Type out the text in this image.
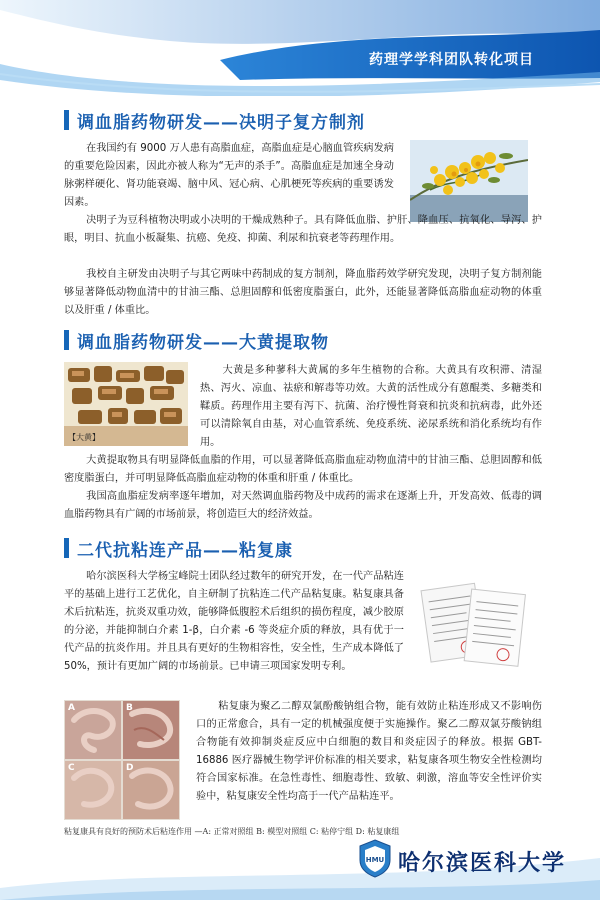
药理学学科团队转化项目
调血脂药物研发——决明子复方制剂

在我国约有 9000 万人患有高脂血症，高脂血症是心脑血管疾病发病的重要危险因素，因此亦被人称为“无声的杀手”。高脂血症是加速全身动脉粥样硬化、肾功能衰竭、脑中风、冠心病、心肌梗死等疾病的重要诱发因素。

决明子为豆科植物决明或小决明的干燥成熟种子。具有降低血脂、护肝、降血压、抗氧化、导泻、护眼，明目、抗血小板凝集、抗癌、免疫、抑菌、利尿和抗衰老等药理作用。

我校自主研发由决明子与其它两味中药制成的复方制剂，降血脂药效学研究发现，决明子复方制剂能够显著降低动物血清中的甘油三酯、总胆固醇和低密度脂蛋白，此外，还能显著降低高脂血症动物的体重以及肝重 / 体重比。

调血脂药物研发——大黄提取物
【大黄】

大黄是多种蓼科大黄属的多年生植物的合称。大黄具有攻积滞、清湿热、泻火、凉血、祛瘀和解毒等功效。大黄的活性成分有蒽醌类、多糖类和鞣质。药理作用主要有泻下、抗菌、治疗慢性肾衰和抗炎和抗病毒，此外还可以清除氧自由基，对心血管系统、免疫系统、泌尿系统和消化系统均有作用。

大黄提取物具有明显降低血脂的作用，可以显著降低高脂血症动物血清中的甘油三酯、总胆固醇和低密度脂蛋白，并可明显降低高脂血症动物的体重和肝重 / 体重比。

我国高血脂症发病率逐年增加，对天然调血脂药物及中成药的需求在逐渐上升，开发高效、低毒的调血脂药物具有广阔的市场前景，将创造巨大的经济效益。

二代抗粘连产品——粘复康

哈尔滨医科大学杨宝峰院士团队经过数年的研究开发，在一代产品粘连平的基础上进行工艺优化，自主研制了抗粘连二代产品粘复康。粘复康具备术后抗粘连，抗炎双重功效，能够降低腹腔术后组织的损伤程度，减少胶原的分泌，并能抑制白介素 1-β，白介素 -6 等炎症介质的释放，具有优于一代产品的抗炎作用。并且具有更好的生物相容性，安全性，生产成本降低了 50%，预计有更加广阔的市场前景。已申请三项国家发明专利。

A	B
C	D

粘复康为聚乙二醇双氯酚酸钠组合物，能有效防止粘连形成又不影响伤口的正常愈合，具有一定的机械强度便于实施操作。聚乙二醇双氯芬酸钠组合物能有效抑制炎症反应中白细胞的数目和炎症因子的释放。根据 GBT-16886 医疗器械生物学评价标准的相关要求，粘复康各项生物安全性检测均符合国家标准。在急性毒性、细胞毒性、致敏、刺激，溶血等安全性评价实验中，粘复康安全性均高于一代产品粘连平。

粘复康具有良好的预防术后粘连作用 —A: 正常对照组 B: 模型对照组 C: 粘停宁组 D: 粘复康组
HMU 哈尔滨医科大学
